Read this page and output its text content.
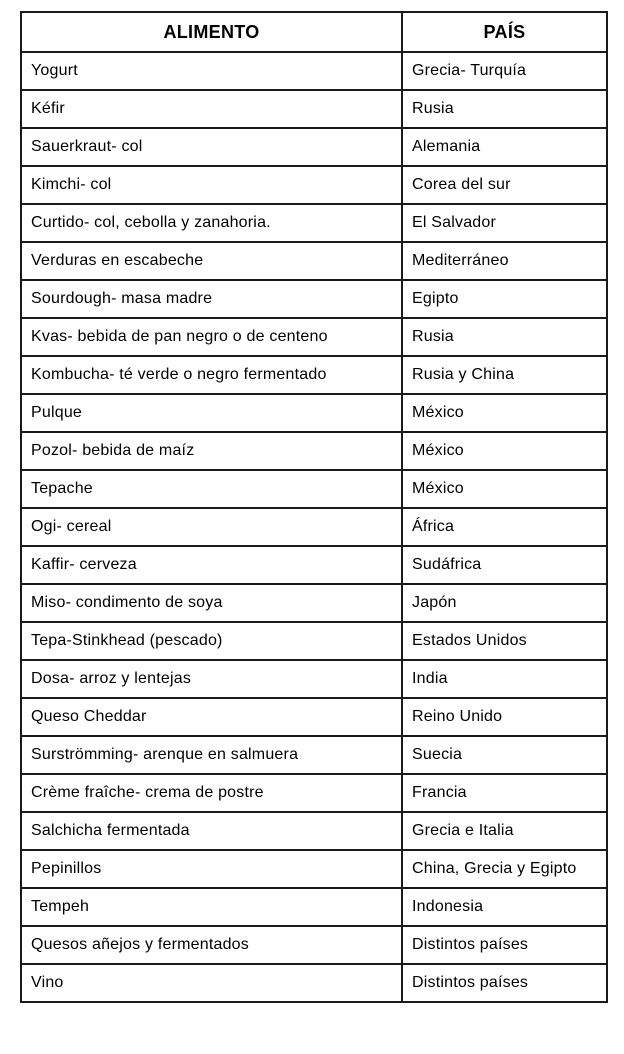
ALIMENTO	PAÍS
Yogurt	Grecia- Turquía
Kéfir	Rusia
Sauerkraut- col	Alemania
Kimchi- col	Corea del sur
Curtido- col, cebolla y zanahoria.	El Salvador
Verduras en escabeche	Mediterráneo
Sourdough- masa madre	Egipto
Kvas- bebida de pan negro o de centeno	Rusia
Kombucha- té verde o negro fermentado	Rusia y China
Pulque	México
Pozol- bebida de maíz	México
Tepache	México
Ogi- cereal	África
Kaffir- cerveza	Sudáfrica
Miso- condimento de soya	Japón
Tepa-Stinkhead (pescado)	Estados Unidos
Dosa- arroz y lentejas	India
Queso Cheddar	Reino Unido
Surströmming- arenque en salmuera	Suecia
Crème fraîche- crema de postre	Francia
Salchicha fermentada	Grecia e Italia
Pepinillos	China, Grecia y Egipto
Tempeh	Indonesia
Quesos añejos y fermentados	Distintos países
Vino	Distintos países
